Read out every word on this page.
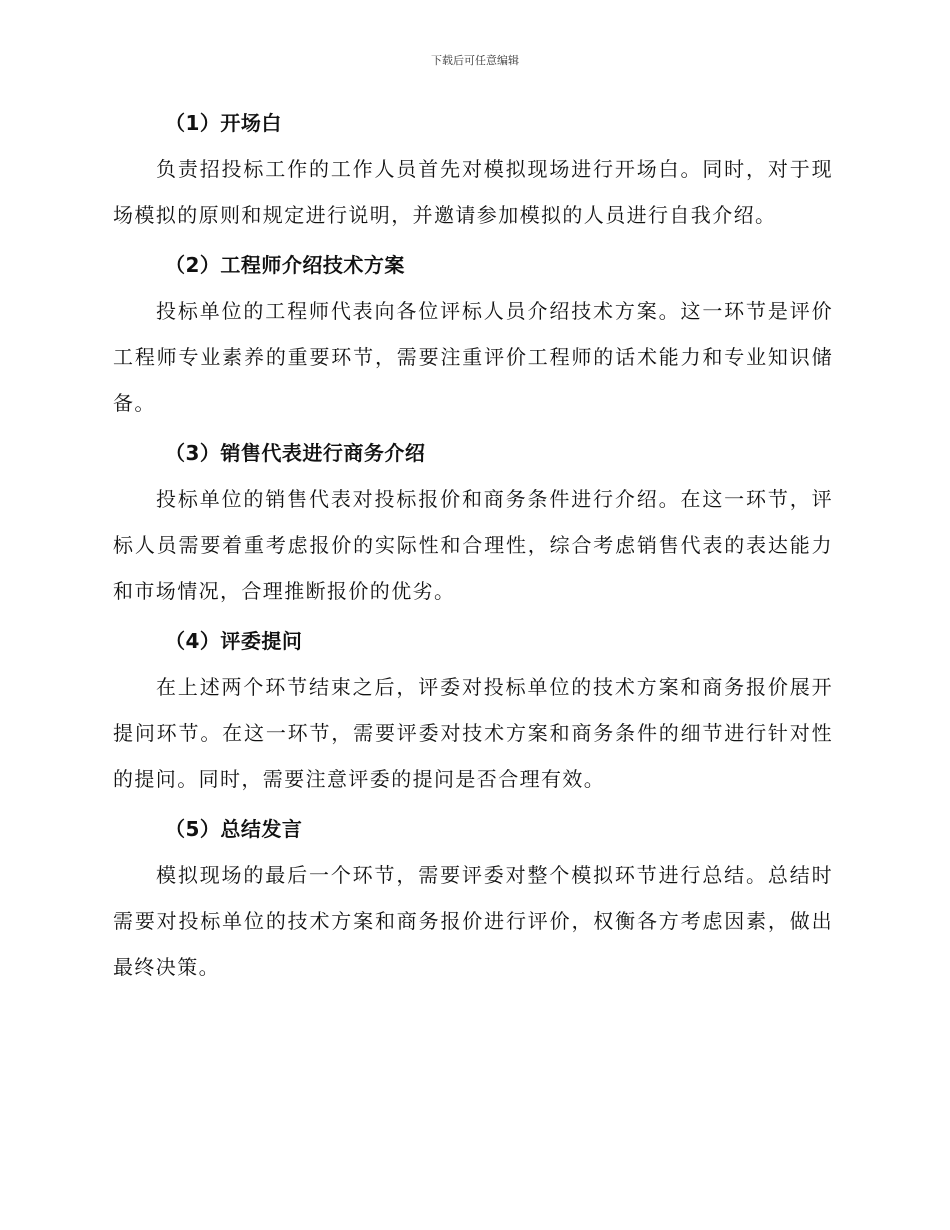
下载后可任意编辑
（1）开场白

负责招投标工作的工作人员首先对模拟现场进行开场白。同时，对于现场模拟的原则和规定进行说明，并邀请参加模拟的人员进行自我介绍。

（2）工程师介绍技术方案

投标单位的工程师代表向各位评标人员介绍技术方案。这一环节是评价工程师专业素养的重要环节，需要注重评价工程师的话术能力和专业知识储备。

（3）销售代表进行商务介绍

投标单位的销售代表对投标报价和商务条件进行介绍。在这一环节，评标人员需要着重考虑报价的实际性和合理性，综合考虑销售代表的表达能力和市场情况，合理推断报价的优劣。

（4）评委提问

在上述两个环节结束之后，评委对投标单位的技术方案和商务报价展开提问环节。在这一环节，需要评委对技术方案和商务条件的细节进行针对性的提问。同时，需要注意评委的提问是否合理有效。

（5）总结发言

模拟现场的最后一个环节，需要评委对整个模拟环节进行总结。总结时需要对投标单位的技术方案和商务报价进行评价，权衡各方考虑因素，做出最终决策。
